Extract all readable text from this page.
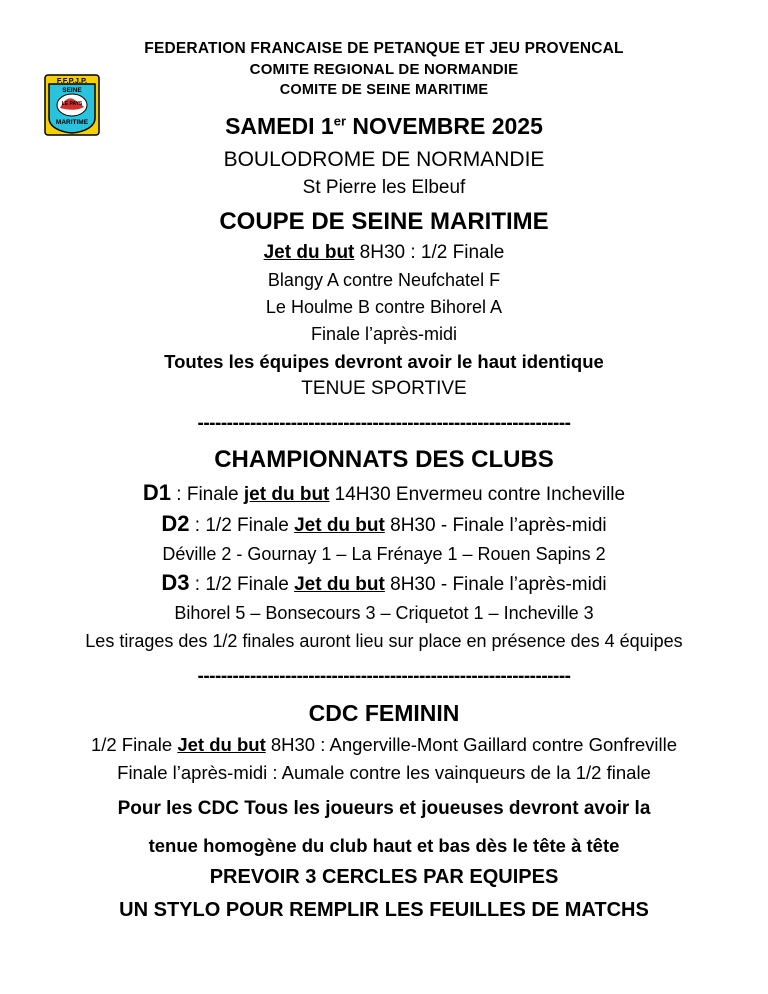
F.F.P.J.P.
SEINE
LE PAYS
MARITIME
FEDERATION FRANCAISE DE PETANQUE ET JEU PROVENCAL
COMITE REGIONAL DE NORMANDIE
COMITE DE SEINE MARITIME
SAMEDI 1er NOVEMBRE 2025
BOULODROME DE NORMANDIE
St Pierre les Elbeuf
COUPE DE SEINE MARITIME
Jet du but 8H30 : 1/2 Finale
Blangy A contre Neufchatel F
Le Houlme B contre Bihorel A
Finale l’après-midi
Toutes les équipes devront avoir le haut identique
TENUE SPORTIVE
----------------------------------------------------------------
CHAMPIONNATS DES CLUBS
D1 : Finale jet du but 14H30 Envermeu contre Incheville
D2 : 1/2 Finale Jet du but 8H30 - Finale l’après-midi
Déville 2 - Gournay 1 – La Frénaye 1 – Rouen Sapins 2
D3 : 1/2 Finale Jet du but 8H30 - Finale l’après-midi
Bihorel 5 – Bonsecours 3 – Criquetot 1 – Incheville 3
Les tirages des 1/2 finales auront lieu sur place en présence des 4 équipes
----------------------------------------------------------------
CDC FEMININ
1/2 Finale Jet du but 8H30 : Angerville-Mont Gaillard contre Gonfreville
Finale l’après-midi : Aumale contre les vainqueurs de la 1/2 finale
Pour les CDC Tous les joueurs et joueuses devront avoir la
tenue homogène du club haut et bas dès le tête à tête
PREVOIR 3 CERCLES PAR EQUIPES
UN STYLO POUR REMPLIR LES FEUILLES DE MATCHS
